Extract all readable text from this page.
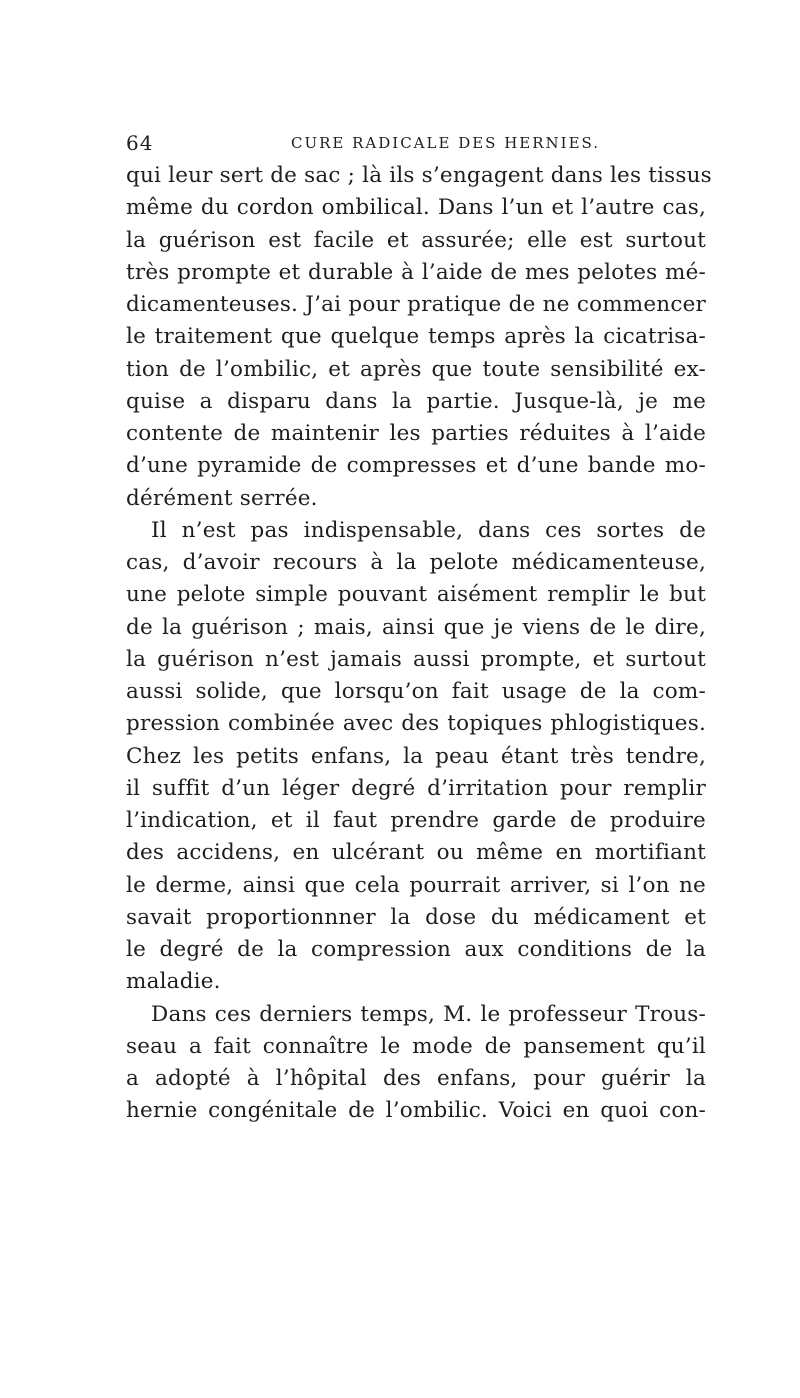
64	CURE RADICALE DES HERNIES.
qui leur sert de sac ; là ils s’engagent dans les tissus
même du cordon ombilical. Dans l’un et l’autre cas,
la guérison est facile et assurée; elle est surtout
très prompte et durable à l’aide de mes pelotes mé-
dicamenteuses. J’ai pour pratique de ne commencer
le traitement que quelque temps après la cicatrisa-
tion de l’ombilic, et après que toute sensibilité ex-
quise a disparu dans la partie. Jusque-là, je me
contente de maintenir les parties réduites à l’aide
d’une pyramide de compresses et d’une bande mo-
dérément serrée.
Il n’est pas indispensable, dans ces sortes de
cas, d’avoir recours à la pelote médicamenteuse,
une pelote simple pouvant aisément remplir le but
de la guérison ; mais, ainsi que je viens de le dire,
la guérison n’est jamais aussi prompte, et surtout
aussi solide, que lorsqu’on fait usage de la com-
pression combinée avec des topiques phlogistiques.
Chez les petits enfans, la peau étant très tendre,
il suffit d’un léger degré d’irritation pour remplir
l’indication, et il faut prendre garde de produire
des accidens, en ulcérant ou même en mortifiant
le derme, ainsi que cela pourrait arriver, si l’on ne
savait proportionnner la dose du médicament et
le degré de la compression aux conditions de la
maladie.
Dans ces derniers temps, M. le professeur Trous-
seau a fait connaître le mode de pansement qu’il
a adopté à l’hôpital des enfans, pour guérir la
hernie congénitale de l’ombilic. Voici en quoi con-
